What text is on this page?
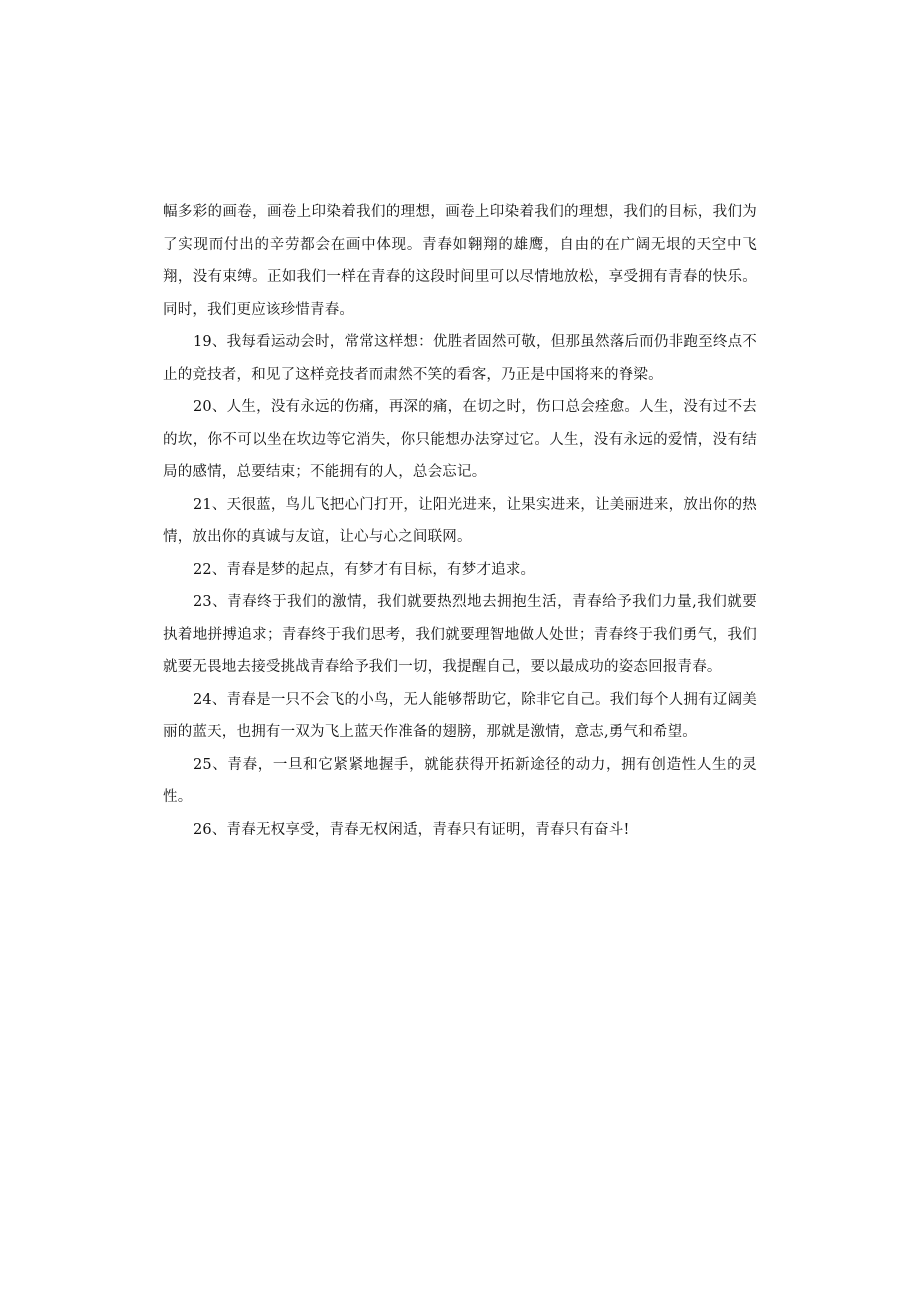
幅多彩的画卷，画卷上印染着我们的理想，画卷上印染着我们的理想，我们的目标，我们为了实现而付出的辛劳都会在画中体现。青春如翱翔的雄鹰，自由的在广阔无垠的天空中飞翔，没有束缚。正如我们一样在青春的这段时间里可以尽情地放松，享受拥有青春的快乐。同时，我们更应该珍惜青春。

19、我每看运动会时，常常这样想：优胜者固然可敬，但那虽然落后而仍非跑至终点不止的竞技者，和见了这样竞技者而肃然不笑的看客，乃正是中国将来的脊梁。

20、人生，没有永远的伤痛，再深的痛，在切之时，伤口总会痊愈。人生，没有过不去的坎，你不可以坐在坎边等它消失，你只能想办法穿过它。人生，没有永远的爱情，没有结局的感情，总要结束；不能拥有的人，总会忘记。

21、天很蓝，鸟儿飞把心门打开，让阳光进来，让果实进来，让美丽进来，放出你的热情，放出你的真诚与友谊，让心与心之间联网。

22、青春是梦的起点，有梦才有目标，有梦才追求。

23、青春终于我们的激情，我们就要热烈地去拥抱生活，青春给予我们力量,我们就要执着地拼搏追求；青春终于我们思考，我们就要理智地做人处世；青春终于我们勇气，我们就要无畏地去接受挑战青春给予我们一切，我提醒自己，要以最成功的姿态回报青春。

24、青春是一只不会飞的小鸟，无人能够帮助它，除非它自己。我们每个人拥有辽阔美丽的蓝天，也拥有一双为飞上蓝天作准备的翅膀，那就是激情，意志,勇气和希望。

25、青春，一旦和它紧紧地握手，就能获得开拓新途径的动力，拥有创造性人生的灵性。

26、青春无权享受，青春无权闲适，青春只有证明，青春只有奋斗!
